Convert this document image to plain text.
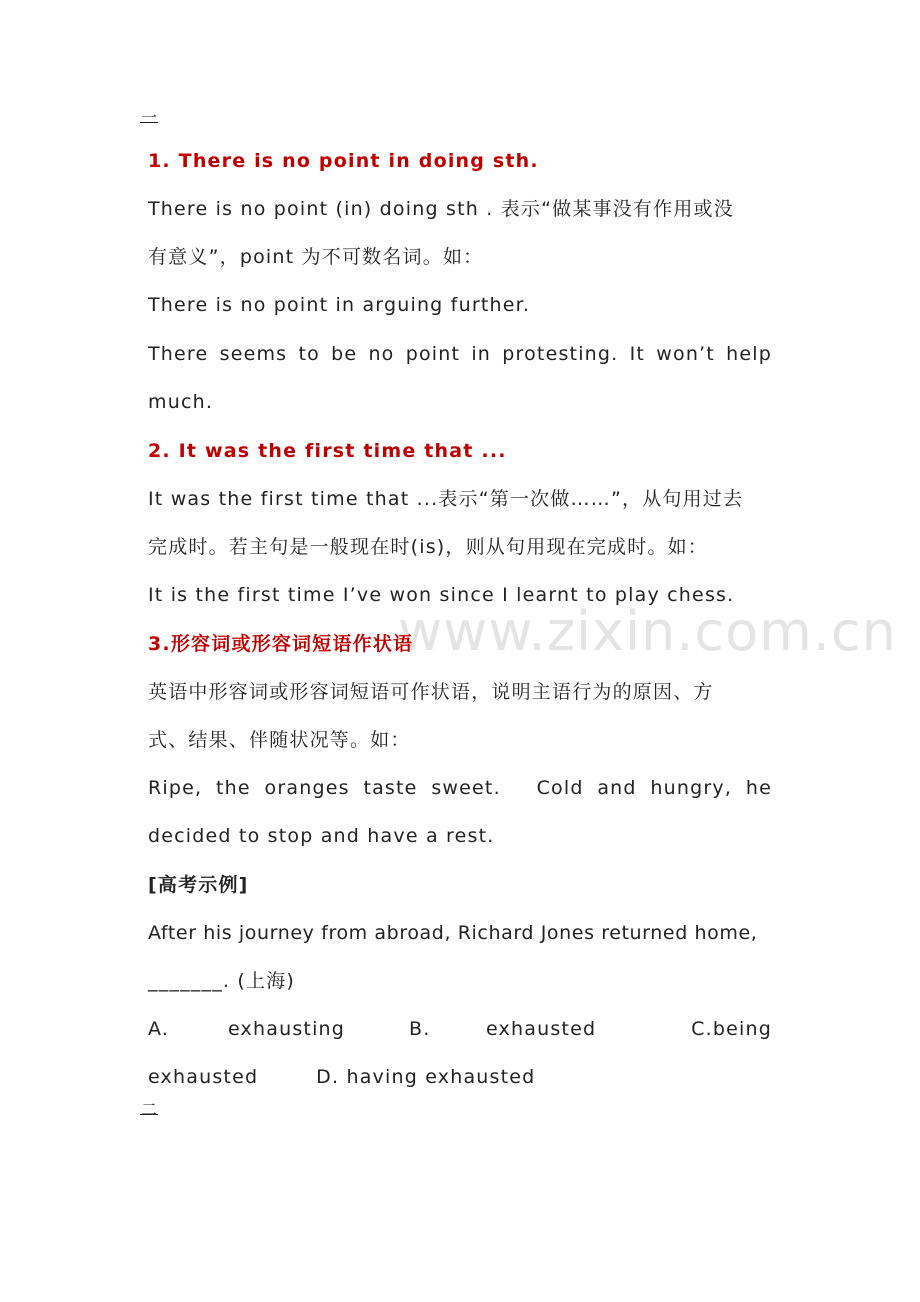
www.zixin.com.cn
一
1. There is no point in doing sth.
There is no point (in) doing sth . 表示“做某事没有作用或没
有意义”，point 为不可数名词。如：
There is no point in arguing further.
There seems to be no point in protesting. It won’t help
much.
2. It was the first time that ...
It was the first time that ...表示“第一次做……”，从句用过去
完成时。若主句是一般现在时(is)，则从句用现在完成时。如：
It is the first time I’ve won since I learnt to play chess.
3.形容词或形容词短语作状语
英语中形容词或形容词短语可作状语，说明主语行为的原因、方
式、结果、伴随状况等。如：
Ripe, the oranges taste sweet. Cold and hungry, he
decided to stop and have a rest.
[高考示例]
After his journey from abroad, Richard Jones returned home,
_______. (上海)
A.	exhausting	B.	exhausted	C.being
exhausted        D. having exhausted
二
